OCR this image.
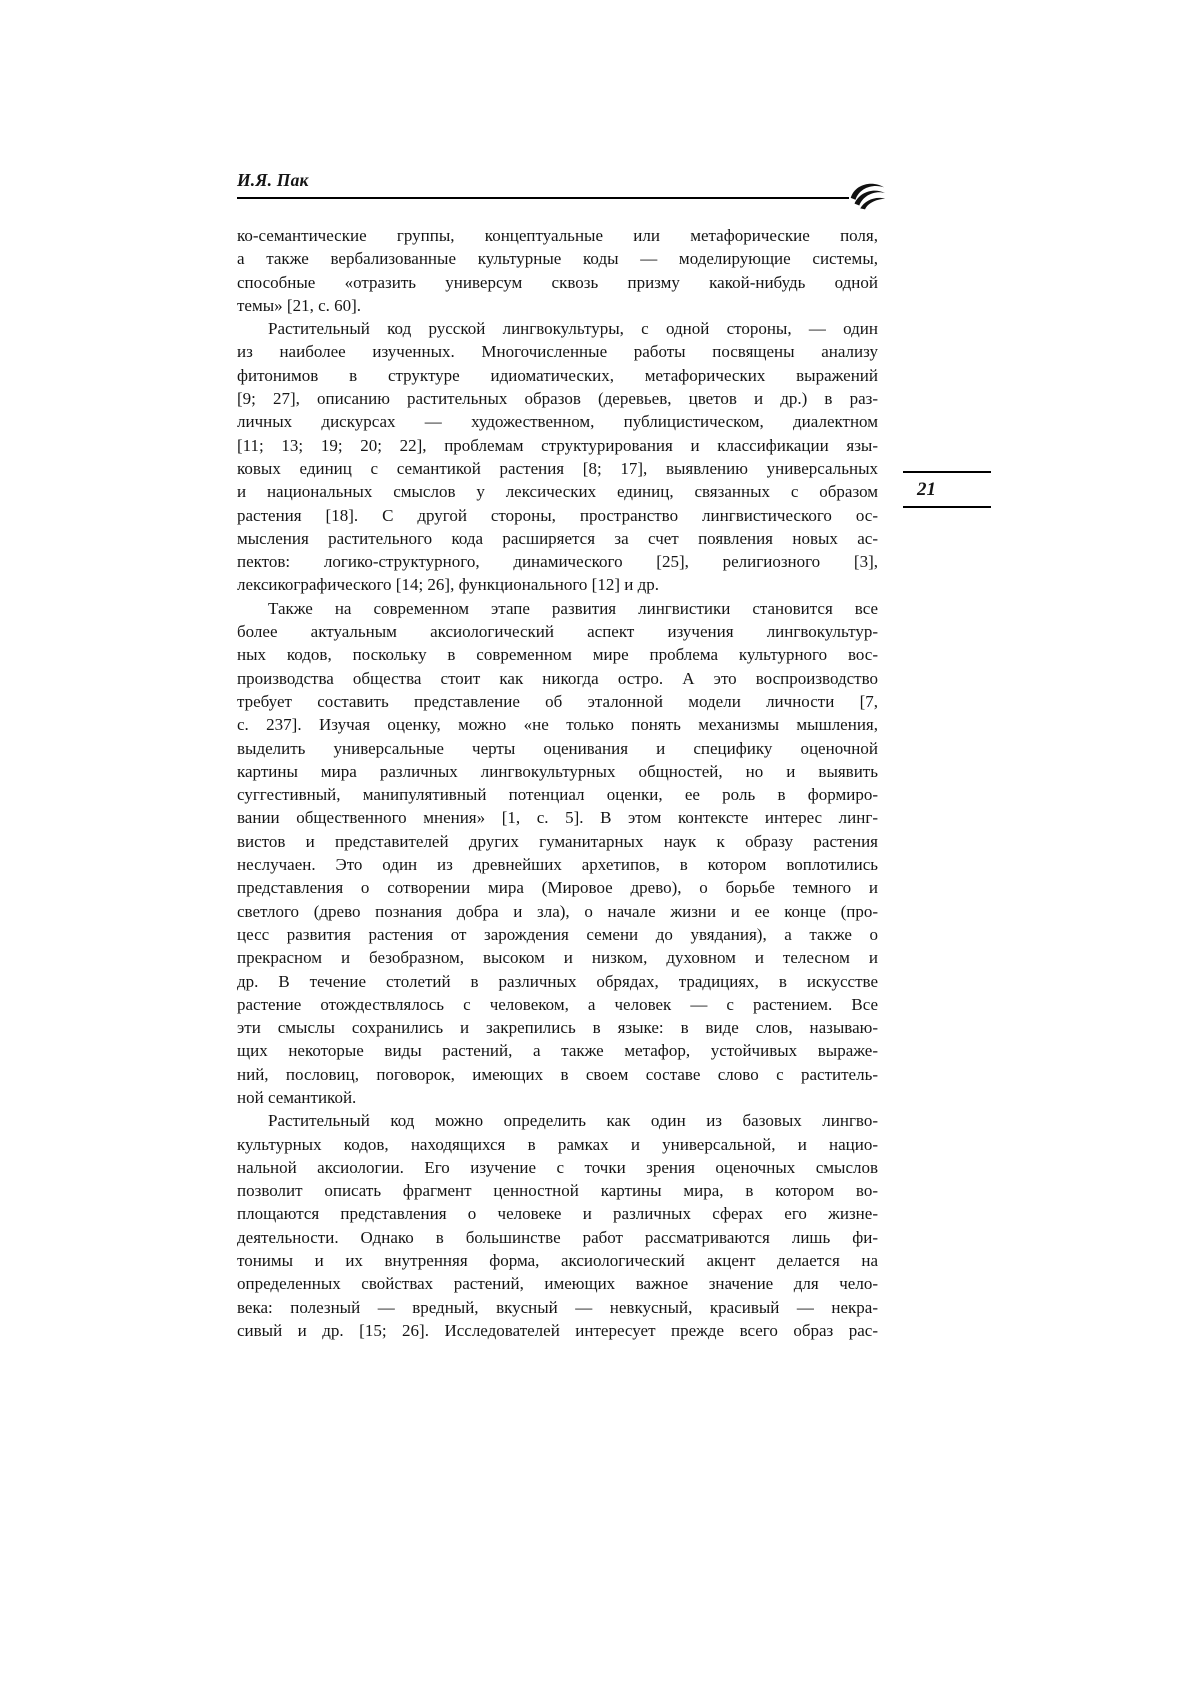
И.Я. Пак
21
ко-семантические группы, концептуальные или метафорические поля,
а также вербализованные культурные коды — моделирующие системы,
способные «отразить универсум сквозь призму какой-нибудь одной
темы» [21, с. 60].
Растительный код русской лингвокультуры, с одной стороны, — один
из наиболее изученных. Многочисленные работы посвящены анализу
фитонимов в структуре идиоматических, метафорических выражений
[9; 27], описанию растительных образов (деревьев, цветов и др.) в раз-
личных дискурсах — художественном, публицистическом, диалектном
[11; 13; 19; 20; 22], проблемам структурирования и классификации язы-
ковых единиц с семантикой растения [8; 17], выявлению универсальных
и национальных смыслов у лексических единиц, связанных с образом
растения [18]. С другой стороны, пространство лингвистического ос-
мысления растительного кода расширяется за счет появления новых ас-
пектов: логико-структурного, динамического [25], религиозного [3],
лексикографического [14; 26], функционального [12] и др.
Также на современном этапе развития лингвистики становится все
более актуальным аксиологический аспект изучения лингвокультур-
ных кодов, поскольку в современном мире проблема культурного вос-
производства общества стоит как никогда остро. А это воспроизводство
требует составить представление об эталонной модели личности [7,
с. 237]. Изучая оценку, можно «не только понять механизмы мышления,
выделить универсальные черты оценивания и специфику оценочной
картины мира различных лингвокультурных общностей, но и выявить
суггестивный, манипулятивный потенциал оценки, ее роль в формиро-
вании общественного мнения» [1, с. 5]. В этом контексте интерес линг-
вистов и представителей других гуманитарных наук к образу растения
неслучаен. Это один из древнейших архетипов, в котором воплотились
представления о сотворении мира (Мировое древо), о борьбе темного и
светлого (древо познания добра и зла), о начале жизни и ее конце (про-
цесс развития растения от зарождения семени до увядания), а также о
прекрасном и безобразном, высоком и низком, духовном и телесном и
др. В течение столетий в различных обрядах, традициях, в искусстве
растение отождествлялось с человеком, а человек — с растением. Все
эти смыслы сохранились и закрепились в языке: в виде слов, называю-
щих некоторые виды растений, а также метафор, устойчивых выраже-
ний, пословиц, поговорок, имеющих в своем составе слово с раститель-
ной семантикой.
Растительный код можно определить как один из базовых лингво-
культурных кодов, находящихся в рамках и универсальной, и нацио-
нальной аксиологии. Его изучение с точки зрения оценочных смыслов
позволит описать фрагмент ценностной картины мира, в котором во-
площаются представления о человеке и различных сферах его жизне-
деятельности. Однако в большинстве работ рассматриваются лишь фи-
тонимы и их внутренняя форма, аксиологический акцент делается на
определенных свойствах растений, имеющих важное значение для чело-
века: полезный — вредный, вкусный — невкусный, красивый — некра-
сивый и др. [15; 26]. Исследователей интересует прежде всего образ рас-
